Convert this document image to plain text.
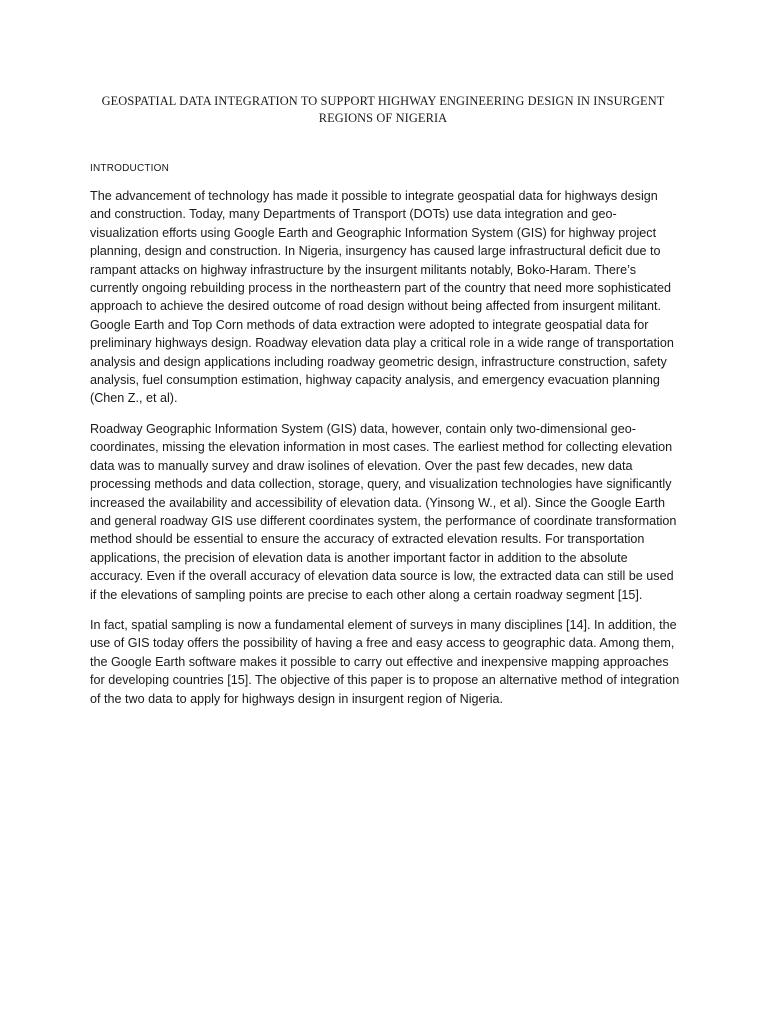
GEOSPATIAL DATA INTEGRATION TO SUPPORT HIGHWAY ENGINEERING DESIGN IN INSURGENT REGIONS OF NIGERIA
INTRODUCTION

The advancement of technology has made it possible to integrate geospatial data for highways design and construction. Today, many Departments of Transport (DOTs) use data integration and geo-visualization efforts using Google Earth and Geographic Information System (GIS) for highway project planning, design and construction. In Nigeria, insurgency has caused large infrastructural deficit due to rampant attacks on highway infrastructure by the insurgent militants notably, Boko-Haram. There’s currently ongoing rebuilding process in the northeastern part of the country that need more sophisticated approach to achieve the desired outcome of road design without being affected from insurgent militant. Google Earth and Top Corn methods of data extraction were adopted to integrate geospatial data for preliminary highways design. Roadway elevation data play a critical role in a wide range of transportation analysis and design applications including roadway geometric design, infrastructure construction, safety analysis, fuel consumption estimation, highway capacity analysis, and emergency evacuation planning (Chen Z., et al).

Roadway Geographic Information System (GIS) data, however, contain only two-dimensional geo-coordinates, missing the elevation information in most cases. The earliest method for collecting elevation data was to manually survey and draw isolines of elevation. Over the past few decades, new data processing methods and data collection, storage, query, and visualization technologies have significantly increased the availability and accessibility of elevation data. (Yinsong W., et al). Since the Google Earth and general roadway GIS use different coordinates system, the performance of coordinate transformation method should be essential to ensure the accuracy of extracted elevation results. For transportation applications, the precision of elevation data is another important factor in addition to the absolute accuracy. Even if the overall accuracy of elevation data source is low, the extracted data can still be used if the elevations of sampling points are precise to each other along a certain roadway segment [15].

In fact, spatial sampling is now a fundamental element of surveys in many disciplines [14]. In addition, the use of GIS today offers the possibility of having a free and easy access to geographic data. Among them, the Google Earth software makes it possible to carry out effective and inexpensive mapping approaches for developing countries [15]. The objective of this paper is to propose an alternative method of integration of the two data to apply for highways design in insurgent region of Nigeria.
